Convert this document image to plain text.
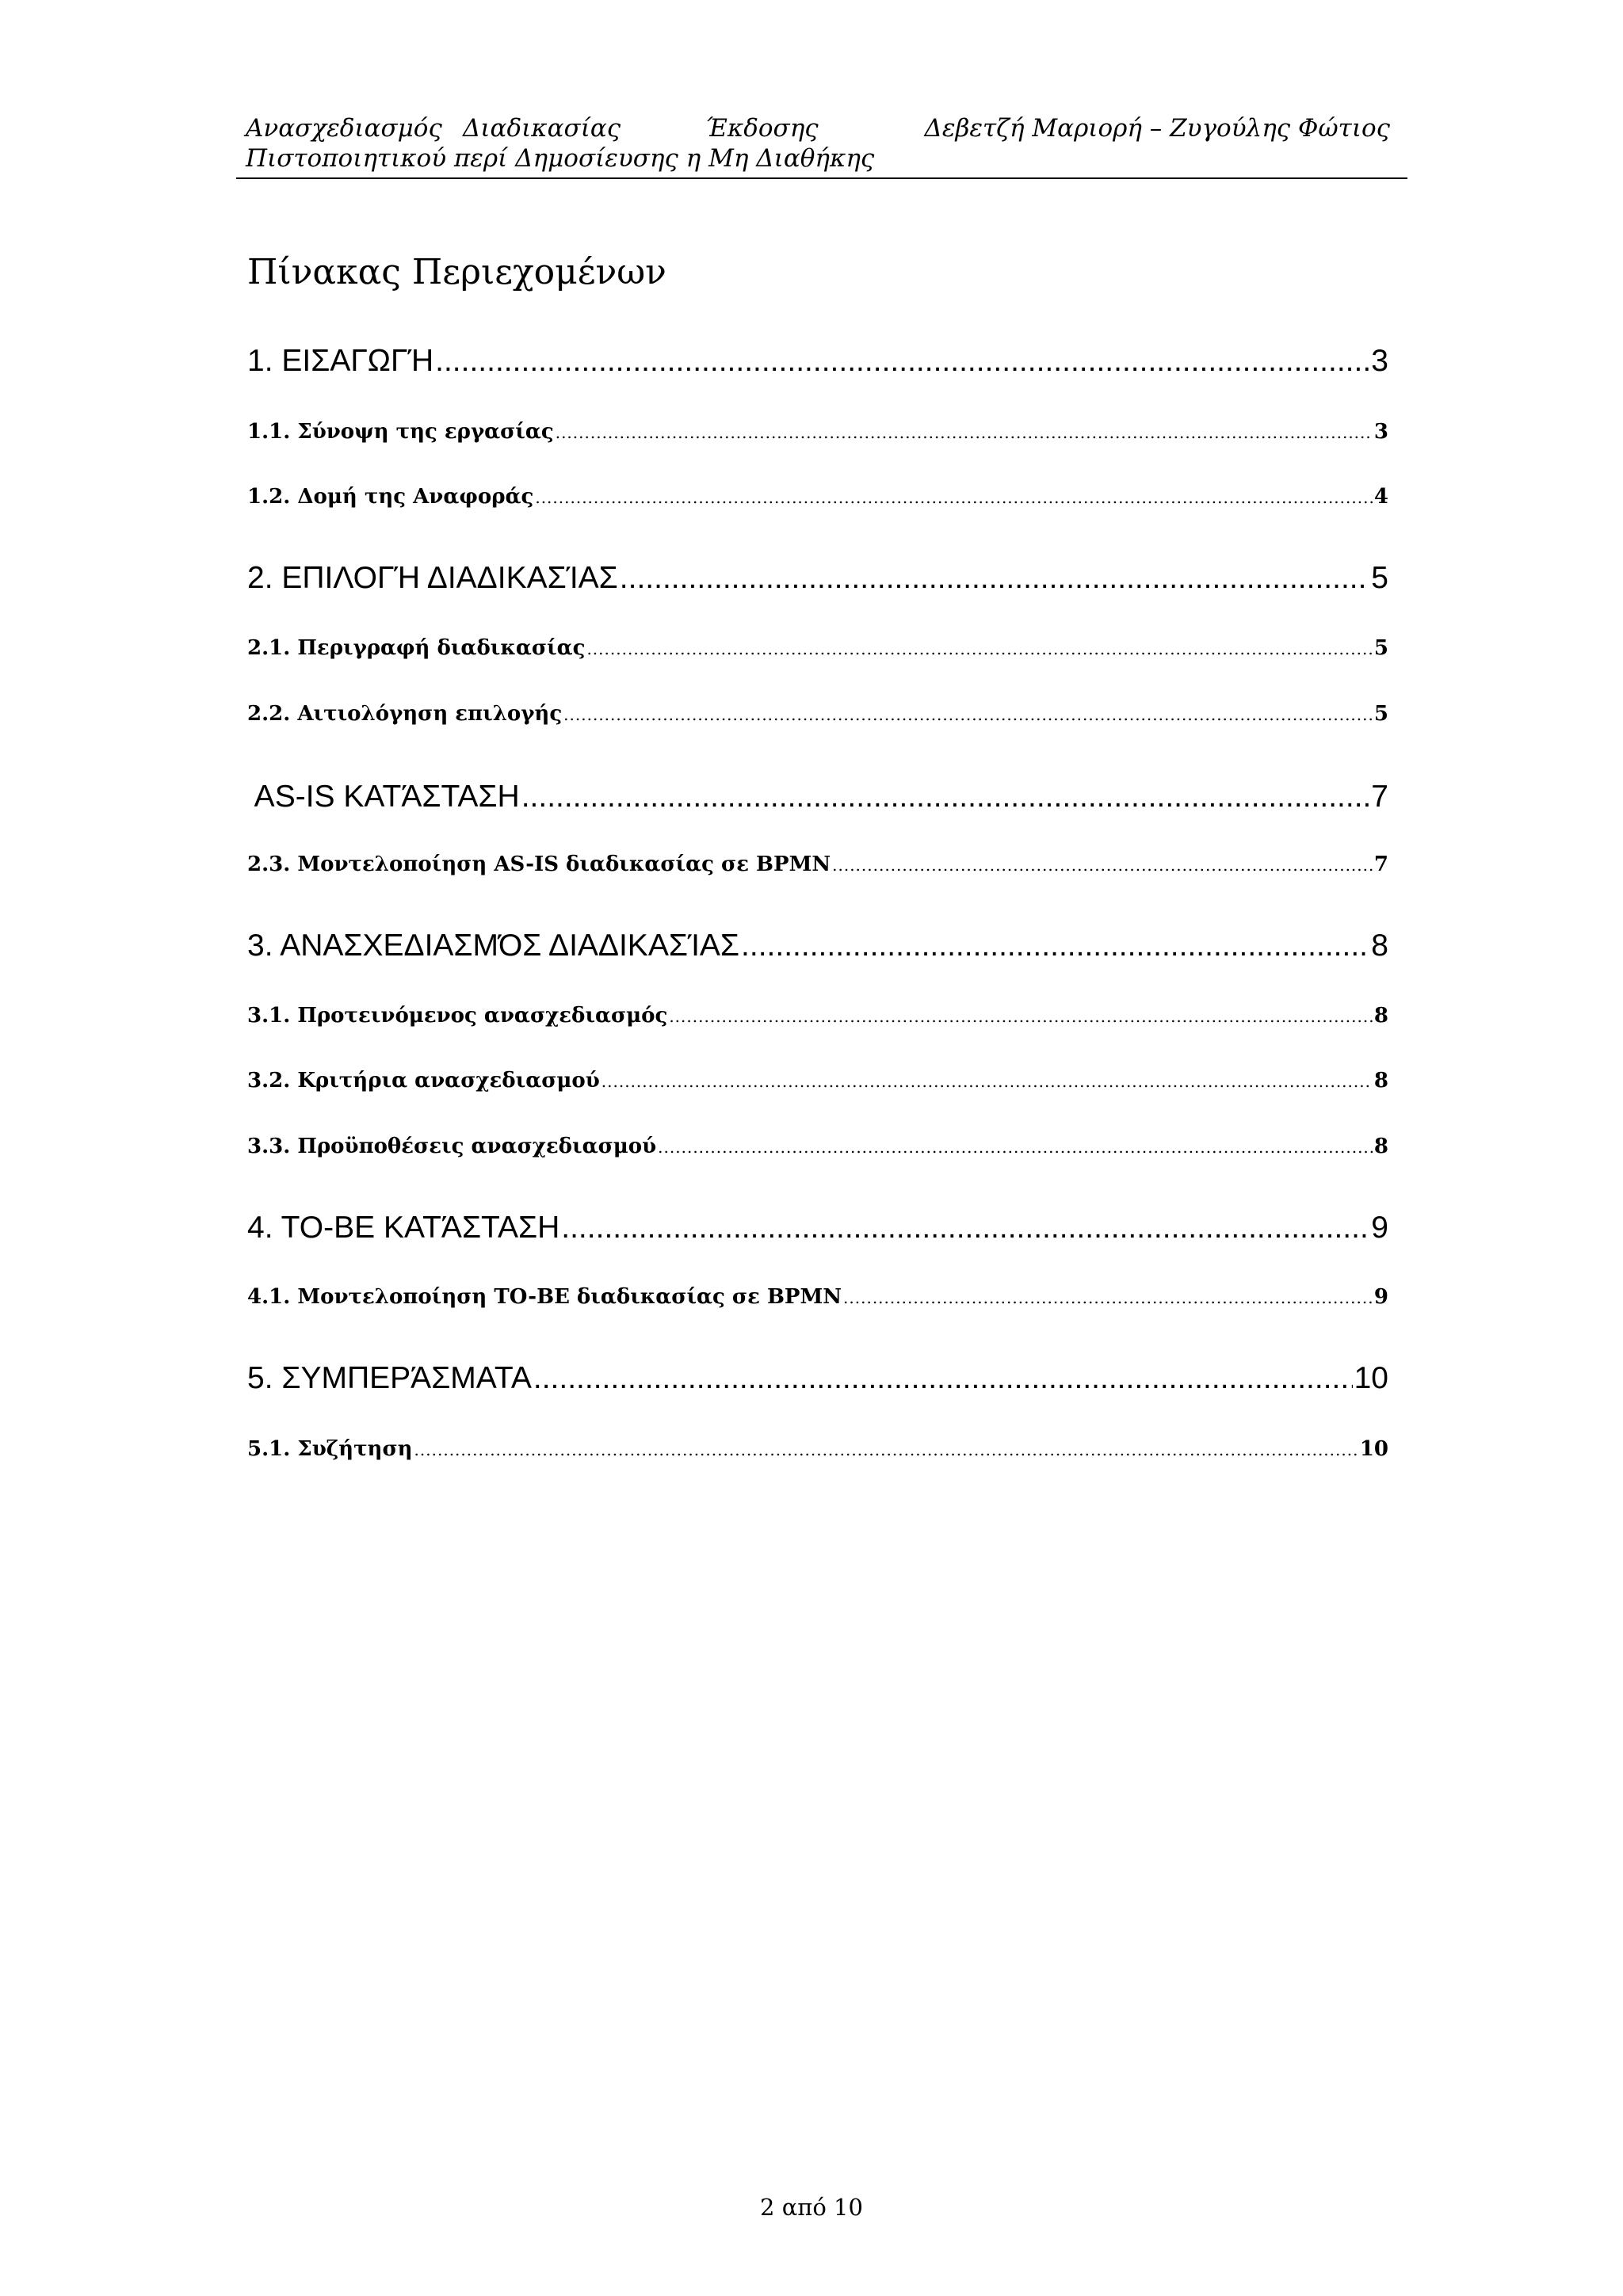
Ανασχεδιασμός Διαδικασίας	Έκδοσης	Δεβετζή Μαριορή – Ζυγούλης Φώτιος
Πιστοποιητικού περί Δημοσίευσης η Μη Διαθήκης
Πίνακας Περιεχομένων
1. ΕΙΣΑΓΩΓΉ .....	3
1.1. Σύνοψη της εργασίας .....	3
1.2. Δομή της Αναφοράς .....	4
2. ΕΠΙΛΟΓΉ ΔΙΑΔΙΚΑΣΊΑΣ .....	5
2.1. Περιγραφή διαδικασίας .....	5
2.2. Αιτιολόγηση επιλογής .....	5
AS-IS ΚΑΤΆΣΤΑΣΗ .....	7
2.3. Μοντελοποίηση AS-IS διαδικασίας σε BPMN .....	7
3. ΑΝΑΣΧΕΔΙΑΣΜΌΣ ΔΙΑΔΙΚΑΣΊΑΣ .....	8
3.1. Προτεινόμενος ανασχεδιασμός .....	8
3.2. Κριτήρια ανασχεδιασμού .....	8
3.3. Προϋποθέσεις ανασχεδιασμού .....	8
4. TO-BE ΚΑΤΆΣΤΑΣΗ .....	9
4.1. Μοντελοποίηση TO-BE διαδικασίας σε BPMN .....	9
5. ΣΥΜΠΕΡΆΣΜΑΤΑ .....	10
5.1. Συζήτηση .....	10
2 από 10
